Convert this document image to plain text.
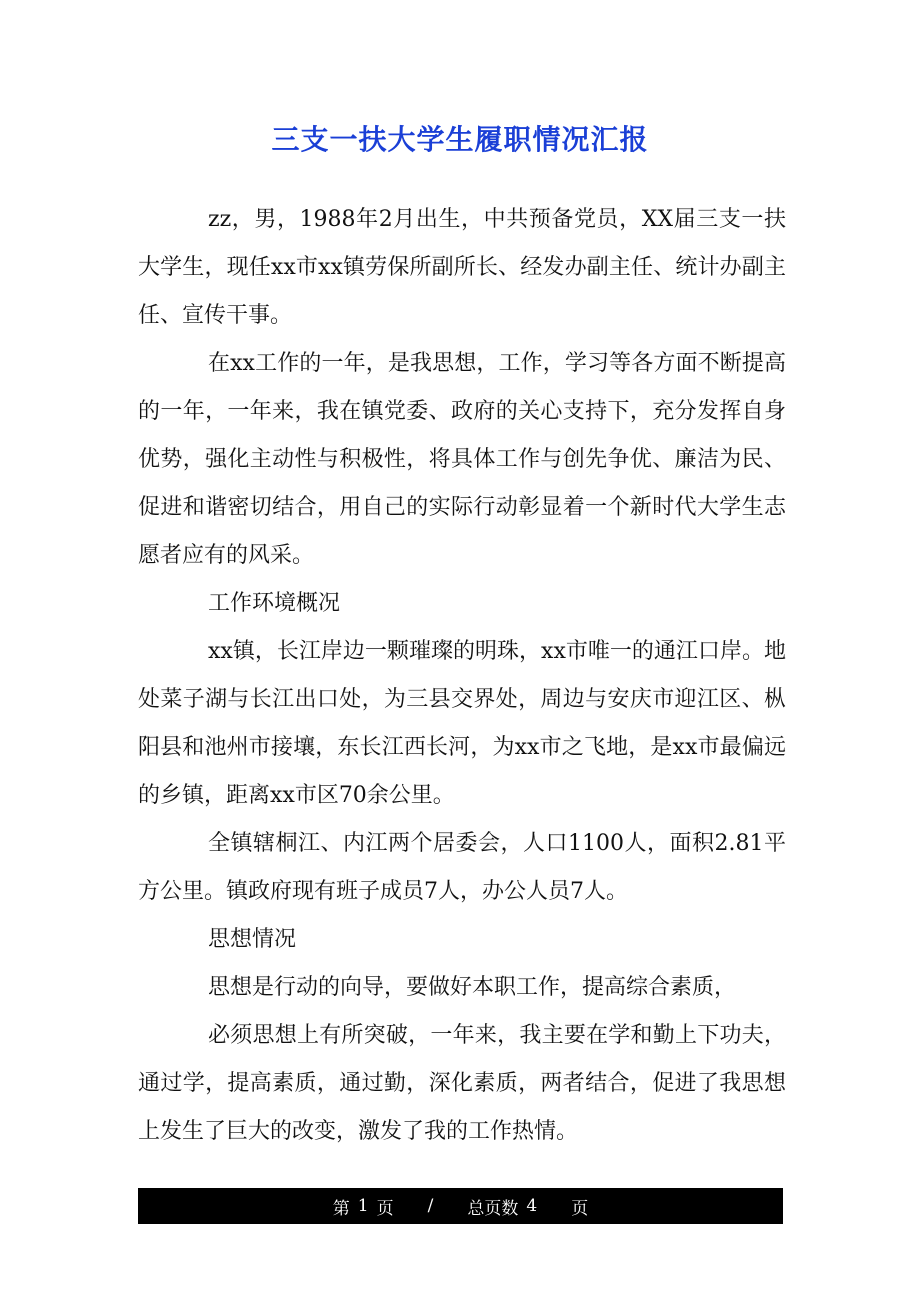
三支一扶大学生履职情况汇报

zz，男，1988年2月出生，中共预备党员，XX届三支一扶大学生，现任xx市xx镇劳保所副所长、经发办副主任、统计办副主任、宣传干事。

在xx工作的一年，是我思想，工作，学习等各方面不断提高的一年，一年来，我在镇党委、政府的关心支持下，充分发挥自身优势，强化主动性与积极性，将具体工作与创先争优、廉洁为民、促进和谐密切结合，用自己的实际行动彰显着一个新时代大学生志愿者应有的风采。

工作环境概况

xx镇，长江岸边一颗璀璨的明珠，xx市唯一的通江口岸。地处菜子湖与长江出口处，为三县交界处，周边与安庆市迎江区、枞阳县和池州市接壤，东长江西长河，为xx市之飞地，是xx市最偏远的乡镇，距离xx市区70余公里。

全镇辖桐江、内江两个居委会，人口1100人，面积2.81平方公里。镇政府现有班子成员7人，办公人员7人。

思想情况

思想是行动的向导，要做好本职工作，提高综合素质，

必须思想上有所突破，一年来，我主要在学和勤上下功夫，通过学，提高素质，通过勤，深化素质，两者结合，促进了我思想上发生了巨大的改变，激发了我的工作热情。

第 1 页 / 总页数 4 页
